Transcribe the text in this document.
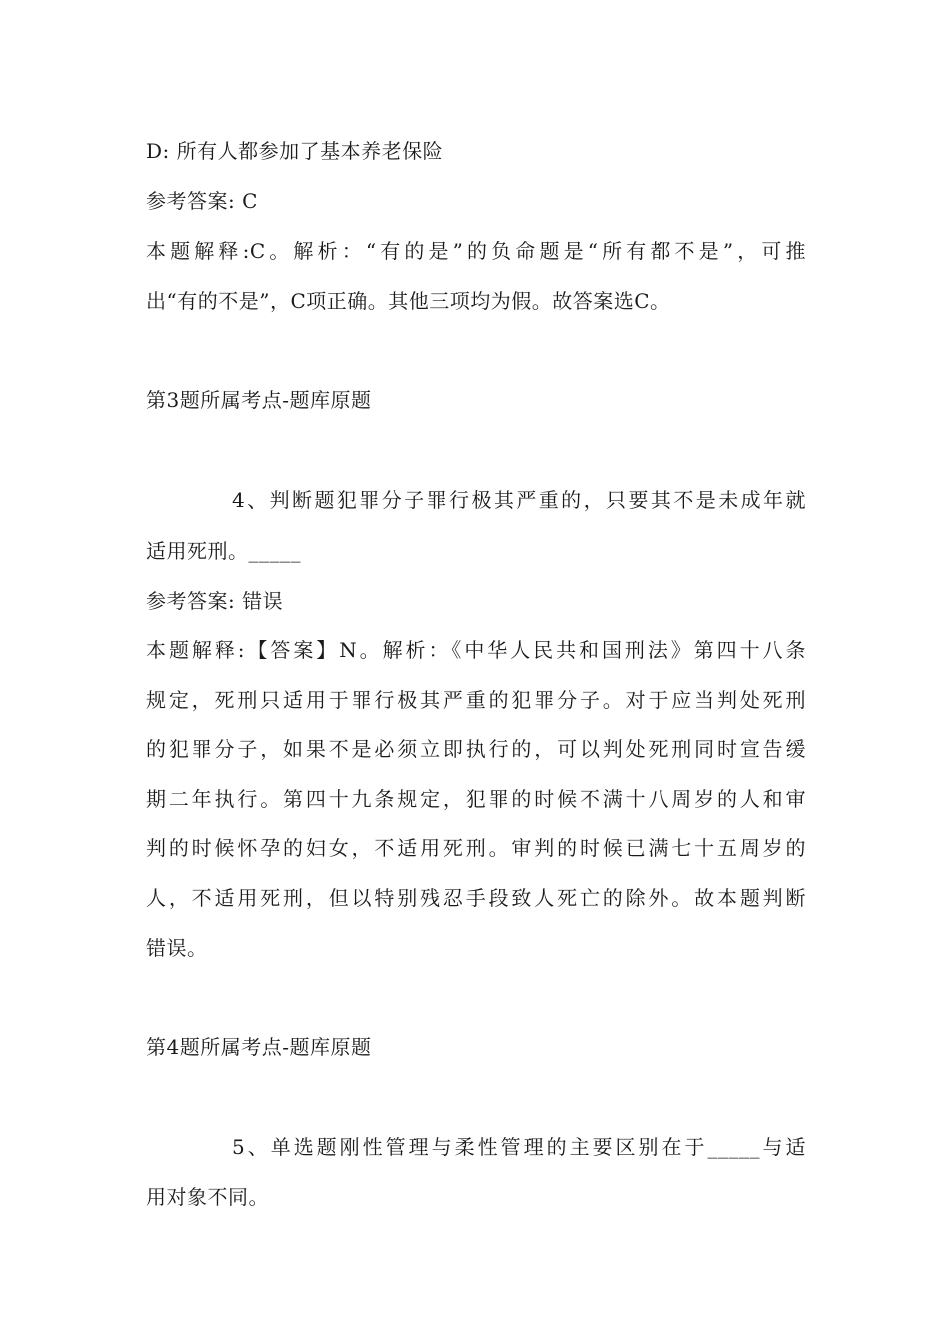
D: 所有人都参加了基本养老保险
参考答案: C
本题解释:C。解析：“有的是”的负命题是“所有都不是”，可推
出“有的不是”，C项正确。其他三项均为假。故答案选C。
第3题所属考点-题库原题
4、判断题犯罪分子罪行极其严重的，只要其不是未成年就
适用死刑。_____
参考答案: 错误
本题解释:【答案】N。解析：《中华人民共和国刑法》第四十八条
规定，死刑只适用于罪行极其严重的犯罪分子。对于应当判处死刑
的犯罪分子，如果不是必须立即执行的，可以判处死刑同时宣告缓
期二年执行。第四十九条规定，犯罪的时候不满十八周岁的人和审
判的时候怀孕的妇女，不适用死刑。审判的时候已满七十五周岁的
人，不适用死刑，但以特别残忍手段致人死亡的除外。故本题判断
错误。
第4题所属考点-题库原题
5、单选题刚性管理与柔性管理的主要区别在于_____与适
用对象不同。
